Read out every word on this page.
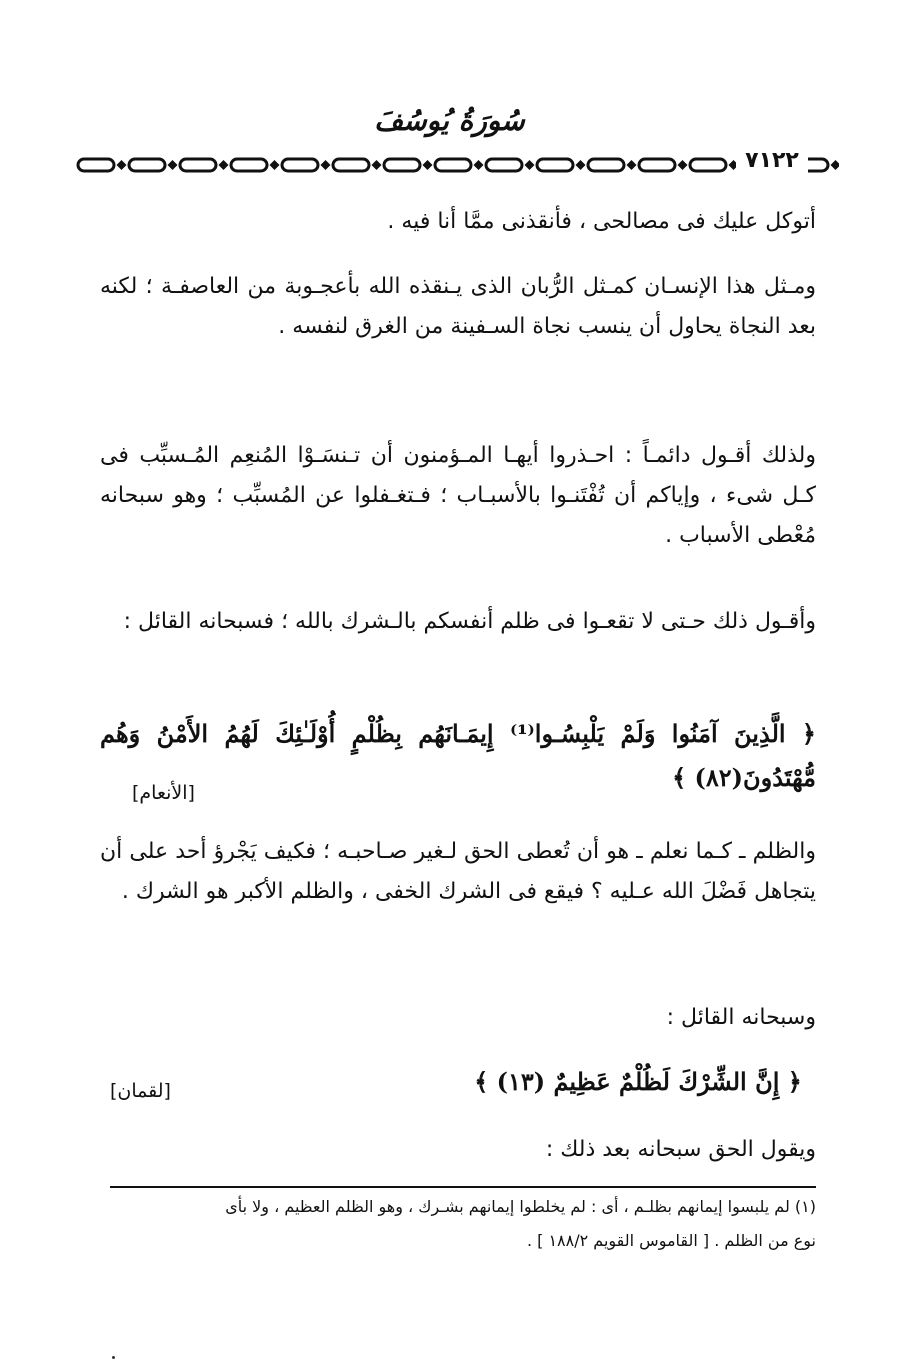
سُورَةُ يُوسُفَ
٧١٢٢

أتوكل عليك فى مصالحى ، فأنقذنى ممَّا أنا فيه .

ومـثل هذا الإنسـان كمـثل الرُّبان الذى يـنقذه الله بأعجـوبة من العاصفـة ؛ لكنه بعد النجاة يحاول أن ينسب نجاة السـفينة من الغرق لنفسه .

ولذلك أقـول دائمـاً : احـذروا أيهـا المـؤمنون أن تـنسَـوْا المُنعِم المُـسبِّب فى كـل شىء ، وإياكم أن تُفْتَنـوا بالأسبـاب ؛ فـتغـفلوا عن المُسبِّب ؛ وهو سبحانه مُعْطى الأسباب .

وأقـول ذلك حـتى لا تقعـوا فى ظلم أنفسكم بالـشرك بالله ؛ فسبحانه القائل :

﴿ الَّذِينَ آمَنُوا وَلَمْ يَلْبِسُـوا⁽¹⁾ إِيمَـانَهُم بِظُلْمٍ أُوْلَـٰئِكَ لَهُمُ الأَمْنُ وَهُم مُّهْتَدُونَ(٨٢) ﴾

[الأنعام]

والظلم ـ كـما نعلم ـ هو أن تُعطى الحق لـغير صـاحبـه ؛ فكيف يَجْرؤ أحد على أن يتجاهل فَضْلَ الله عـليه ؟ فيقع فى الشرك الخفى ، والظلم الأكبر هو الشرك .

وسبحانه القائل :

﴿ إِنَّ الشِّرْكَ لَظُلْمٌ عَظِيمٌ (١٣) ﴾

[لقمان]

ويقول الحق سبحانه بعد ذلك :

(١) لم يلبسوا إيمانهم بظلـم ، أى : لم يخلطوا إيمانهم بشـرك ، وهو الظلم العظيم ، ولا بأى
نوع من الظلم . [ القاموس القويم ١٨٨/٢ ] .
